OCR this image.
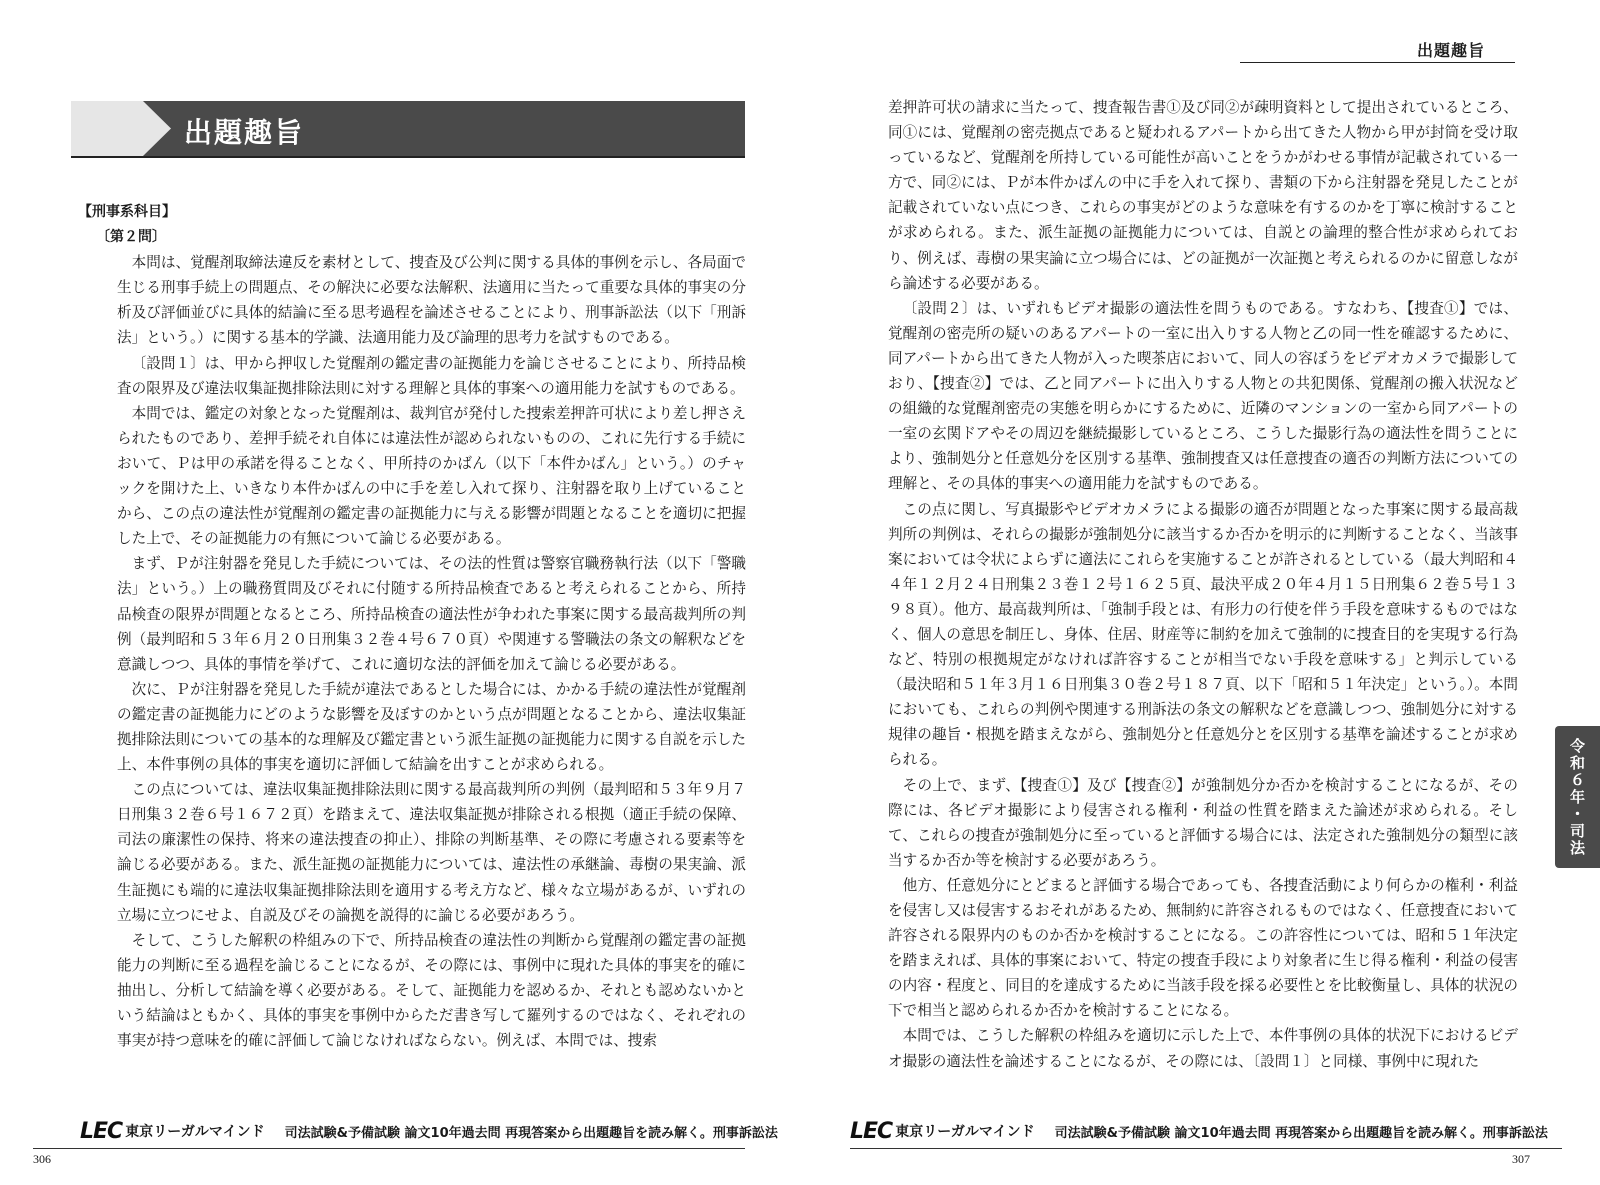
出題趣旨

【刑事系科目】

〔第２問〕

本問は、覚醒剤取締法違反を素材として、捜査及び公判に関する具体的事例を示し、各局面で生じる刑事手続上の問題点、その解決に必要な法解釈、法適用に当たって重要な具体的事実の分析及び評価並びに具体的結論に至る思考過程を論述させることにより、刑事訴訟法（以下「刑訴法」という。）に関する基本的学識、法適用能力及び論理的思考力を試すものである。

〔設問１〕は、甲から押収した覚醒剤の鑑定書の証拠能力を論じさせることにより、所持品検査の限界及び違法収集証拠排除法則に対する理解と具体的事案への適用能力を試すものである。

本問では、鑑定の対象となった覚醒剤は、裁判官が発付した捜索差押許可状により差し押さえられたものであり、差押手続それ自体には違法性が認められないものの、これに先行する手続において、Ｐは甲の承諾を得ることなく、甲所持のかばん（以下「本件かばん」という。）のチャックを開けた上、いきなり本件かばんの中に手を差し入れて探り、注射器を取り上げていることから、この点の違法性が覚醒剤の鑑定書の証拠能力に与える影響が問題となることを適切に把握した上で、その証拠能力の有無について論じる必要がある。

まず、Ｐが注射器を発見した手続については、その法的性質は警察官職務執行法（以下「警職法」という。）上の職務質問及びそれに付随する所持品検査であると考えられることから、所持品検査の限界が問題となるところ、所持品検査の適法性が争われた事案に関する最高裁判所の判例（最判昭和５３年６月２０日刑集３２巻４号６７０頁）や関連する警職法の条文の解釈などを意識しつつ、具体的事情を挙げて、これに適切な法的評価を加えて論じる必要がある。

次に、Ｐが注射器を発見した手続が違法であるとした場合には、かかる手続の違法性が覚醒剤の鑑定書の証拠能力にどのような影響を及ぼすのかという点が問題となることから、違法収集証拠排除法則についての基本的な理解及び鑑定書という派生証拠の証拠能力に関する自説を示した上、本件事例の具体的事実を適切に評価して結論を出すことが求められる。

この点については、違法収集証拠排除法則に関する最高裁判所の判例（最判昭和５３年９月７日刑集３２巻６号１６７２頁）を踏まえて、違法収集証拠が排除される根拠（適正手続の保障、司法の廉潔性の保持、将来の違法捜査の抑止）、排除の判断基準、その際に考慮される要素等を論じる必要がある。また、派生証拠の証拠能力については、違法性の承継論、毒樹の果実論、派生証拠にも端的に違法収集証拠排除法則を適用する考え方など、様々な立場があるが、いずれの立場に立つにせよ、自説及びその論拠を説得的に論じる必要があろう。

そして、こうした解釈の枠組みの下で、所持品検査の違法性の判断から覚醒剤の鑑定書の証拠能力の判断に至る過程を論じることになるが、その際には、事例中に現れた具体的事実を的確に抽出し、分析して結論を導く必要がある。そして、証拠能力を認めるか、それとも認めないかという結論はともかく、具体的事実を事例中からただ書き写して羅列するのではなく、それぞれの事実が持つ意味を的確に評価して論じなければならない。例えば、本問では、捜索

LEC 東京リーガルマインド 司法試験&予備試験 論文10年過去問 再現答案から出題趣旨を読み解く。刑事訴訟法
306
出題趣旨

差押許可状の請求に当たって、捜査報告書①及び同②が疎明資料として提出されているところ、同①には、覚醒剤の密売拠点であると疑われるアパートから出てきた人物から甲が封筒を受け取っているなど、覚醒剤を所持している可能性が高いことをうかがわせる事情が記載されている一方で、同②には、Ｐが本件かばんの中に手を入れて探り、書類の下から注射器を発見したことが記載されていない点につき、これらの事実がどのような意味を有するのかを丁寧に検討することが求められる。また、派生証拠の証拠能力については、自説との論理的整合性が求められており、例えば、毒樹の果実論に立つ場合には、どの証拠が一次証拠と考えられるのかに留意しながら論述する必要がある。

〔設問２〕は、いずれもビデオ撮影の適法性を問うものである。すなわち、【捜査①】では、覚醒剤の密売所の疑いのあるアパートの一室に出入りする人物と乙の同一性を確認するために、同アパートから出てきた人物が入った喫茶店において、同人の容ぼうをビデオカメラで撮影しており、【捜査②】では、乙と同アパートに出入りする人物との共犯関係、覚醒剤の搬入状況などの組織的な覚醒剤密売の実態を明らかにするために、近隣のマンションの一室から同アパートの一室の玄関ドアやその周辺を継続撮影しているところ、こうした撮影行為の適法性を問うことにより、強制処分と任意処分を区別する基準、強制捜査又は任意捜査の適否の判断方法についての理解と、その具体的事実への適用能力を試すものである。

この点に関し、写真撮影やビデオカメラによる撮影の適否が問題となった事案に関する最高裁判所の判例は、それらの撮影が強制処分に該当するか否かを明示的に判断することなく、当該事案においては令状によらずに適法にこれらを実施することが許されるとしている（最大判昭和４４年１２月２４日刑集２３巻１２号１６２５頁、最決平成２０年４月１５日刑集６２巻５号１３９８頁）。他方、最高裁判所は、「強制手段とは、有形力の行使を伴う手段を意味するものではなく、個人の意思を制圧し、身体、住居、財産等に制約を加えて強制的に捜査目的を実現する行為など、特別の根拠規定がなければ許容することが相当でない手段を意味する」と判示している（最決昭和５１年３月１６日刑集３０巻２号１８７頁、以下「昭和５１年決定」という。）。本問においても、これらの判例や関連する刑訴法の条文の解釈などを意識しつつ、強制処分に対する規律の趣旨・根拠を踏まえながら、強制処分と任意処分とを区別する基準を論述することが求められる。

その上で、まず、【捜査①】及び【捜査②】が強制処分か否かを検討することになるが、その際には、各ビデオ撮影により侵害される権利・利益の性質を踏まえた論述が求められる。そして、これらの捜査が強制処分に至っていると評価する場合には、法定された強制処分の類型に該当するか否か等を検討する必要があろう。

他方、任意処分にとどまると評価する場合であっても、各捜査活動により何らかの権利・利益を侵害し又は侵害するおそれがあるため、無制約に許容されるものではなく、任意捜査において許容される限界内のものか否かを検討することになる。この許容性については、昭和５１年決定を踏まえれば、具体的事案において、特定の捜査手段により対象者に生じ得る権利・利益の侵害の内容・程度と、同目的を達成するために当該手段を採る必要性とを比較衡量し、具体的状況の下で相当と認められるか否かを検討することになる。

本問では、こうした解釈の枠組みを適切に示した上で、本件事例の具体的状況下におけるビデオ撮影の適法性を論述することになるが、その際には、〔設問１〕と同様、事例中に現れた

令和６年・司法
LEC 東京リーガルマインド 司法試験&予備試験 論文10年過去問 再現答案から出題趣旨を読み解く。刑事訴訟法
307
